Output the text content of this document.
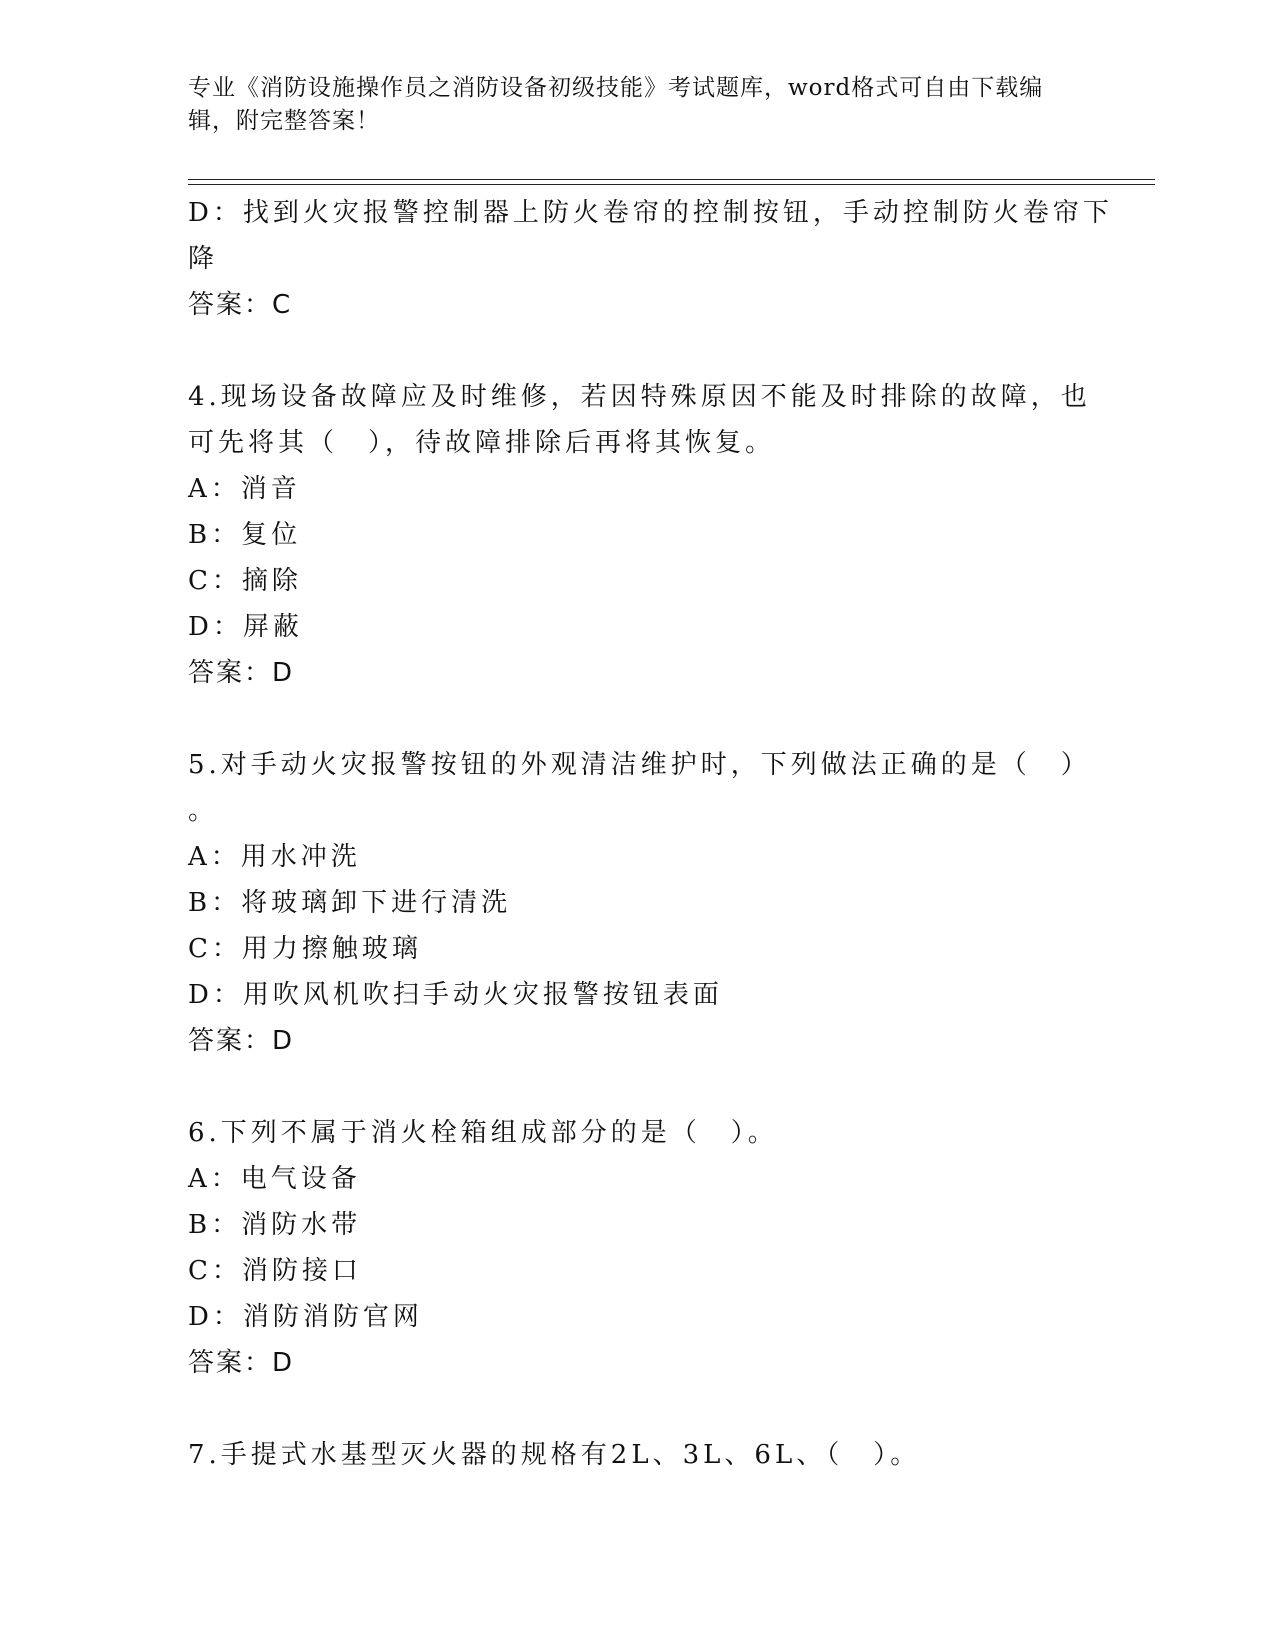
专业《消防设施操作员之消防设备初级技能》考试题库，word格式可自由下载编
辑，附完整答案！
D：找到火灾报警控制器上防火卷帘的控制按钮，手动控制防火卷帘下
降
答案：C
4.现场设备故障应及时维修，若因特殊原因不能及时排除的故障，也
可先将其（　），待故障排除后再将其恢复。
A：消音
B：复位
C：摘除
D：屏蔽
答案：D
5.对手动火灾报警按钮的外观清洁维护时，下列做法正确的是（　）
。
A：用水冲洗
B：将玻璃卸下进行清洗
C：用力擦触玻璃
D：用吹风机吹扫手动火灾报警按钮表面
答案：D
6.下列不属于消火栓箱组成部分的是（　）。
A：电气设备
B：消防水带
C：消防接口
D：消防消防官网
答案：D
7.手提式水基型灭火器的规格有2L、3L、6L、（　）。
